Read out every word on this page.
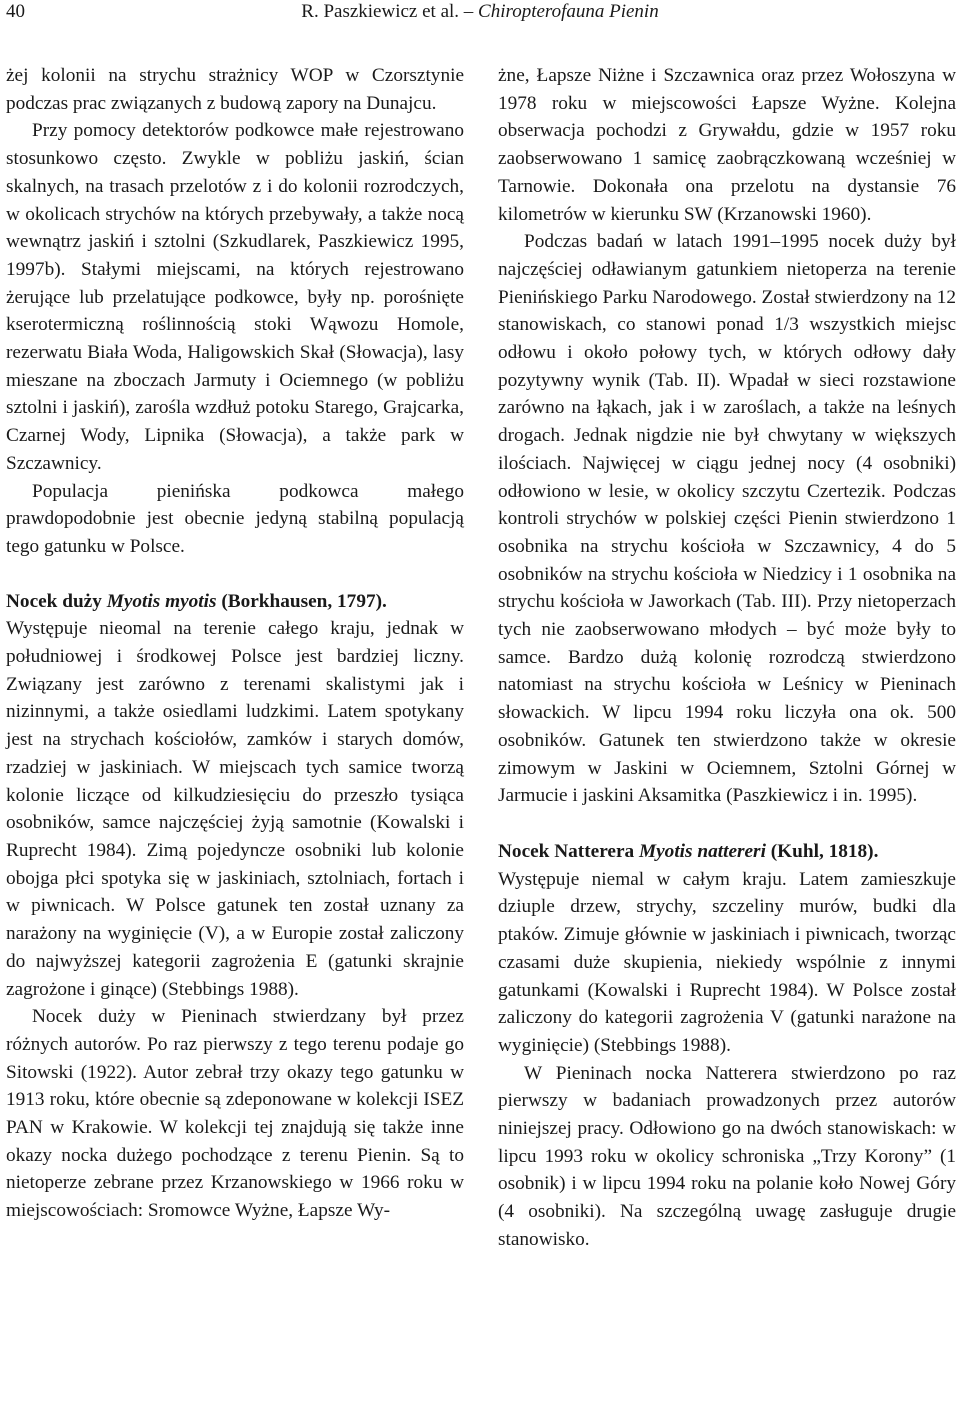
40	R. Paszkiewicz et al. – Chiropterofauna Pienin

żej kolonii na strychu strażnicy WOP w Czorsztynie podczas prac związanych z budową zapory na Dunajcu.

Przy pomocy detektorów podkowce małe rejestrowano stosunkowo często. Zwykle w pobliżu jaskiń, ścian skalnych, na trasach przelotów z i do kolonii rozrodczych, w okolicach strychów na których przebywały, a także nocą wewnątrz jaskiń i sztolni (Szkudlarek, Paszkiewicz 1995, 1997b). Stałymi miejscami, na których rejestrowano żerujące lub przelatujące podkowce, były np. porośnięte kserotermiczną roślinnością stoki Wąwozu Homole, rezerwatu Biała Woda, Haligowskich Skał (Słowacja), lasy mieszane na zboczach Jarmuty i Ociemnego (w pobliżu sztolni i jaskiń), zarośla wzdłuż potoku Starego, Grajcarka, Czarnej Wody, Lipnika (Słowacja), a także park w Szczawnicy.

Populacja pienińska podkowca małego prawdopodobnie jest obecnie jedyną stabilną populacją tego gatunku w Polsce.

Nocek duży Myotis myotis (Borkhausen, 1797).

Występuje nieomal na terenie całego kraju, jednak w południowej i środkowej Polsce jest bardziej liczny. Związany jest zarówno z terenami skalistymi jak i nizinnymi, a także osiedlami ludzkimi. Latem spotykany jest na strychach kościołów, zamków i starych domów, rzadziej w jaskiniach. W miejscach tych samice tworzą kolonie liczące od kilkudziesięciu do przeszło tysiąca osobników, samce najczęściej żyją samotnie (Kowalski i Ruprecht 1984). Zimą pojedyncze osobniki lub kolonie obojga płci spotyka się w jaskiniach, sztolniach, fortach i w piwnicach. W Polsce gatunek ten został uznany za narażony na wyginięcie (V), a w Europie został zaliczony do najwyższej kategorii zagrożenia E (gatunki skrajnie zagrożone i ginące) (Stebbings 1988).

Nocek duży w Pieninach stwierdzany był przez różnych autorów. Po raz pierwszy z tego terenu podaje go Sitowski (1922). Autor zebrał trzy okazy tego gatunku w 1913 roku, które obecnie są zdeponowane w kolekcji ISEZ PAN w Krakowie. W kolekcji tej znajdują się także inne okazy nocka dużego pochodzące z terenu Pienin. Są to nietoperze zebrane przez Krzanowskiego w 1966 roku w miejscowościach: Sromowce Wyżne, Łapsze Wy-

żne, Łapsze Niżne i Szczawnica oraz przez Wołoszyna w 1978 roku w miejscowości Łapsze Wyżne. Kolejna obserwacja pochodzi z Grywałdu, gdzie w 1957 roku zaobserwowano 1 samicę zaobrączkowaną wcześniej w Tarnowie. Dokonała ona przelotu na dystansie 76 kilometrów w kierunku SW (Krzanowski 1960).

Podczas badań w latach 1991–1995 nocek duży był najczęściej odławianym gatunkiem nietoperza na terenie Pienińskiego Parku Narodowego. Został stwierdzony na 12 stanowiskach, co stanowi ponad 1/3 wszystkich miejsc odłowu i około połowy tych, w których odłowy dały pozytywny wynik (Tab. II). Wpadał w sieci rozstawione zarówno na łąkach, jak i w zaroślach, a także na leśnych drogach. Jednak nigdzie nie był chwytany w większych ilościach. Najwięcej w ciągu jednej nocy (4 osobniki) odłowiono w lesie, w okolicy szczytu Czertezik. Podczas kontroli strychów w polskiej części Pienin stwierdzono 1 osobnika na strychu kościoła w Szczawnicy, 4 do 5 osobników na strychu kościoła w Niedzicy i 1 osobnika na strychu kościoła w Jaworkach (Tab. III). Przy nietoperzach tych nie zaobserwowano młodych – być może były to samce. Bardzo dużą kolonię rozrodczą stwierdzono natomiast na strychu kościoła w Leśnicy w Pieninach słowackich. W lipcu 1994 roku liczyła ona ok. 500 osobników. Gatunek ten stwierdzono także w okresie zimowym w Jaskini w Ociemnem, Sztolni Górnej w Jarmucie i jaskini Aksamitka (Paszkiewicz i in. 1995).

Nocek Natterera Myotis nattereri (Kuhl, 1818).

Występuje niemal w całym kraju. Latem zamieszkuje dziuple drzew, strychy, szczeliny murów, budki dla ptaków. Zimuje głównie w jaskiniach i piwnicach, tworząc czasami duże skupienia, niekiedy wspólnie z innymi gatunkami (Kowalski i Ruprecht 1984). W Polsce został zaliczony do kategorii zagrożenia V (gatunki narażone na wyginięcie) (Stebbings 1988).

W Pieninach nocka Natterera stwierdzono po raz pierwszy w badaniach prowadzonych przez autorów niniejszej pracy. Odłowiono go na dwóch stanowiskach: w lipcu 1993 roku w okolicy schroniska „Trzy Korony” (1 osobnik) i w lipcu 1994 roku na polanie koło Nowej Góry (4 osobniki). Na szczególną uwagę zasługuje drugie stanowisko.
